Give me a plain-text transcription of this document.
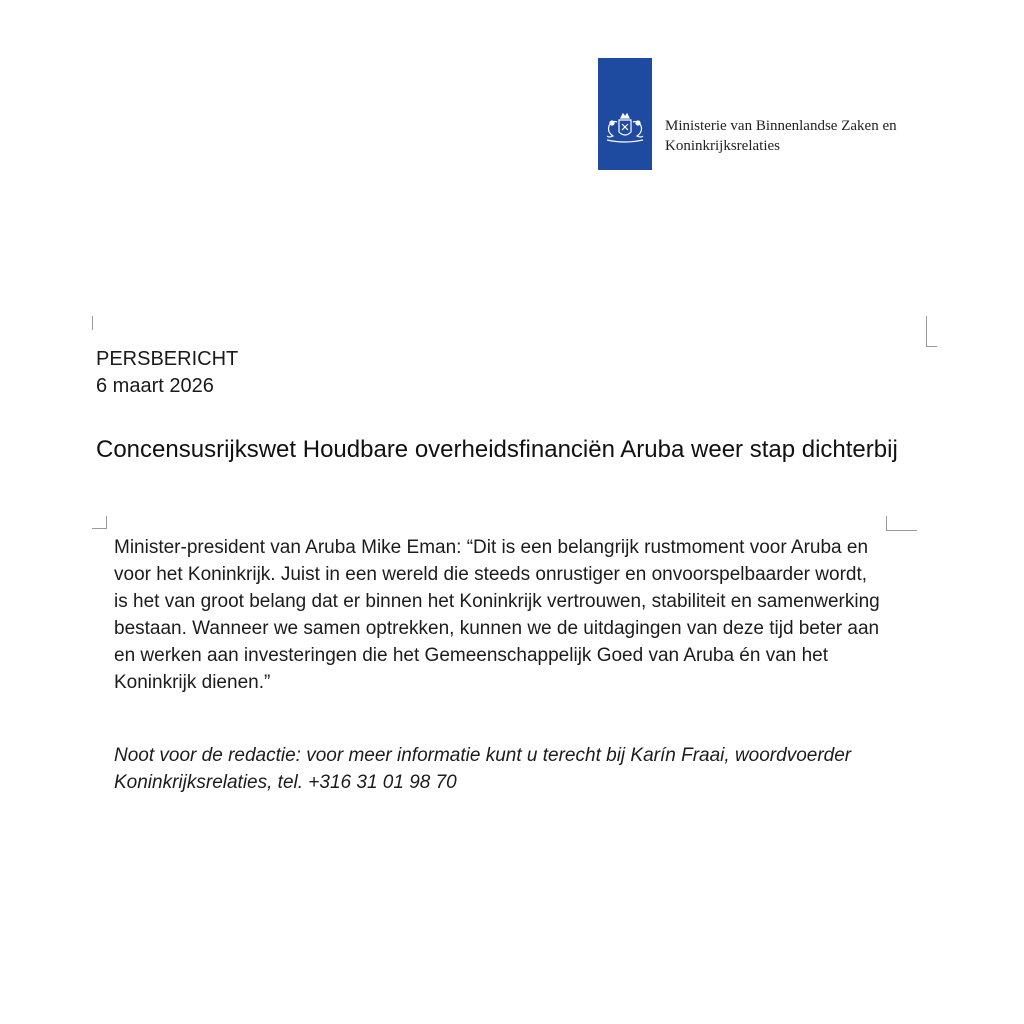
Ministerie van Binnenlandse Zaken en
Koninkrijksrelaties
PERSBERICHT
6 maart 2026
Concensusrijkswet Houdbare overheidsfinanciën Aruba weer stap dichterbij

Minister-president van Aruba Mike Eman: “Dit is een belangrijk rustmoment voor Aruba en voor het Koninkrijk. Juist in een wereld die steeds onrustiger en onvoorspelbaarder wordt, is het van groot belang dat er binnen het Koninkrijk vertrouwen, stabiliteit en samenwerking bestaan. Wanneer we samen optrekken, kunnen we de uitdagingen van deze tijd beter aan en werken aan investeringen die het Gemeenschappelijk Goed van Aruba én van het Koninkrijk dienen.”

Noot voor de redactie: voor meer informatie kunt u terecht bij Karín Fraai, woordvoerder Koninkrijksrelaties, tel. +316 31 01 98 70
